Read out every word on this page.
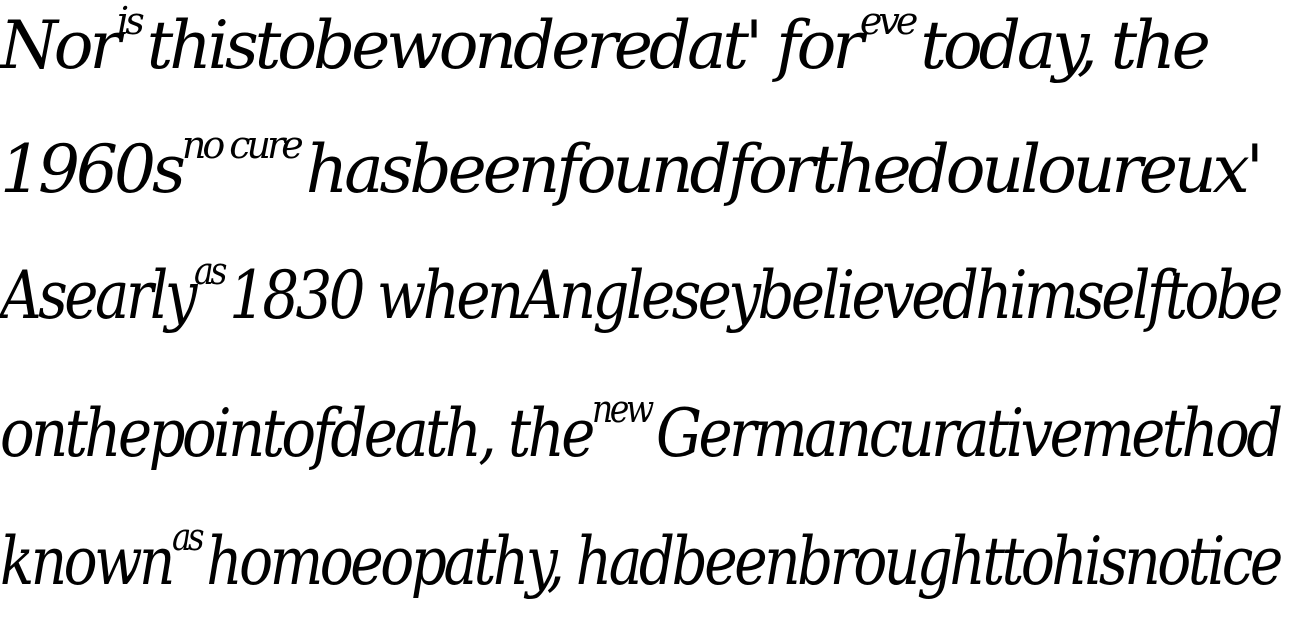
Nor$^{is}$thistobewonderedat' for$^{eve}$today, the
$1960s^{no cure}hasbeenfoundforthedouloureux'$
Asearly$^{as}$1830 whenAngleseybelievedhimselftobe
onthepointofdeath, the$^{new}$Germancurativemethod
known$^{as}$homoeopathy, hadbeenbroughttohisnotice
